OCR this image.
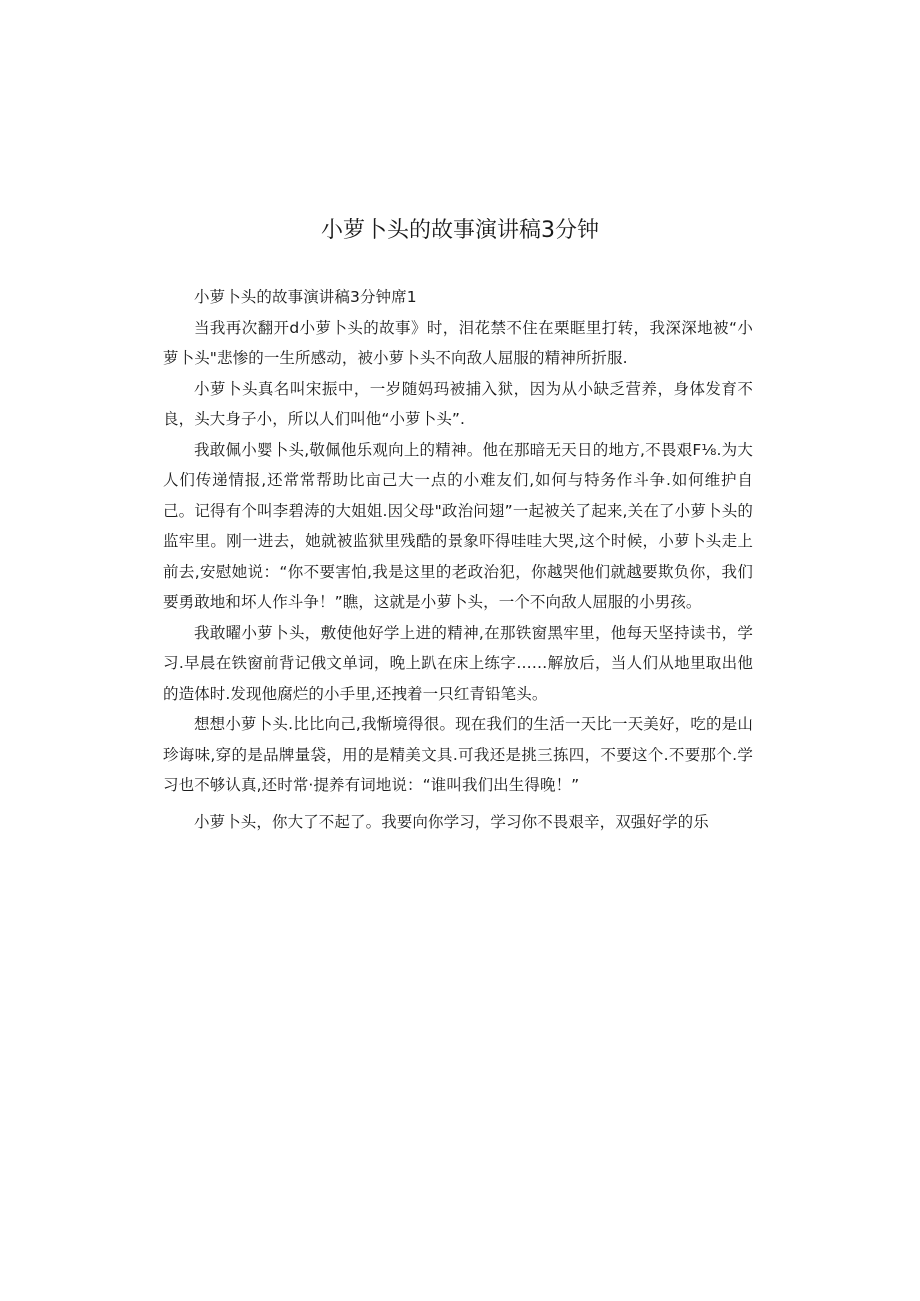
小萝卜头的故事演讲稿3分钟

小萝卜头的故事演讲稿3分钟席1

当我再次翻开d小萝卜头的故事》时，泪花禁不住在栗眶里打转，我深深地被“小萝卜头"悲惨的一生所感动，被小萝卜头不向敌人屈服的精神所折服.

小萝卜头真名叫宋振中，一岁随妈玛被捕入狱，因为从小缺乏营养，身体发育不良，头大身子小，所以人们叫他“小萝卜头”.

我敢佩小婴卜头,敬佩他乐观向上的精神。他在那暗无天日的地方,不畏艰F⅛.为大人们传递情报,还常常帮助比亩己大一点的小难友们,如何与特务作斗争.如何维护自己。记得有个叫李碧涛的大姐姐.因父母"政治问翅”一起被关了起来,关在了小萝卜头的监牢里。刚一进去，她就被监狱里残酷的景象吓得哇哇大哭,这个时候，小萝卜头走上前去,安慰她说：“你不要害怕,我是这里的老政治犯，你越哭他们就越要欺负你，我们要勇敢地和坏人作斗争！”瞧，这就是小萝卜头，一个不向敌人屈服的小男孩。

我敢曜小萝卜头，敷使他好学上进的精神,在那铁窗黑牢里，他每天坚持读书，学习.早晨在铁窗前背记俄文单词，晚上趴在床上练字……解放后，当人们从地里取出他的造体时.发现他腐烂的小手里,还拽着一只红青铅笔头。

想想小萝卜头.比比向己,我惭境得很。现在我们的生活一天比一天美好，吃的是山珍诲味,穿的是品牌量袋，用的是精美文具.可我还是挑三拣四，不要这个.不要那个.学习也不够认真,还时常·提养有词地说：“谁叫我们出生得晚！”

小萝卜头，你大了不起了。我要向你学习，学习你不畏艰辛，双强好学的乐
